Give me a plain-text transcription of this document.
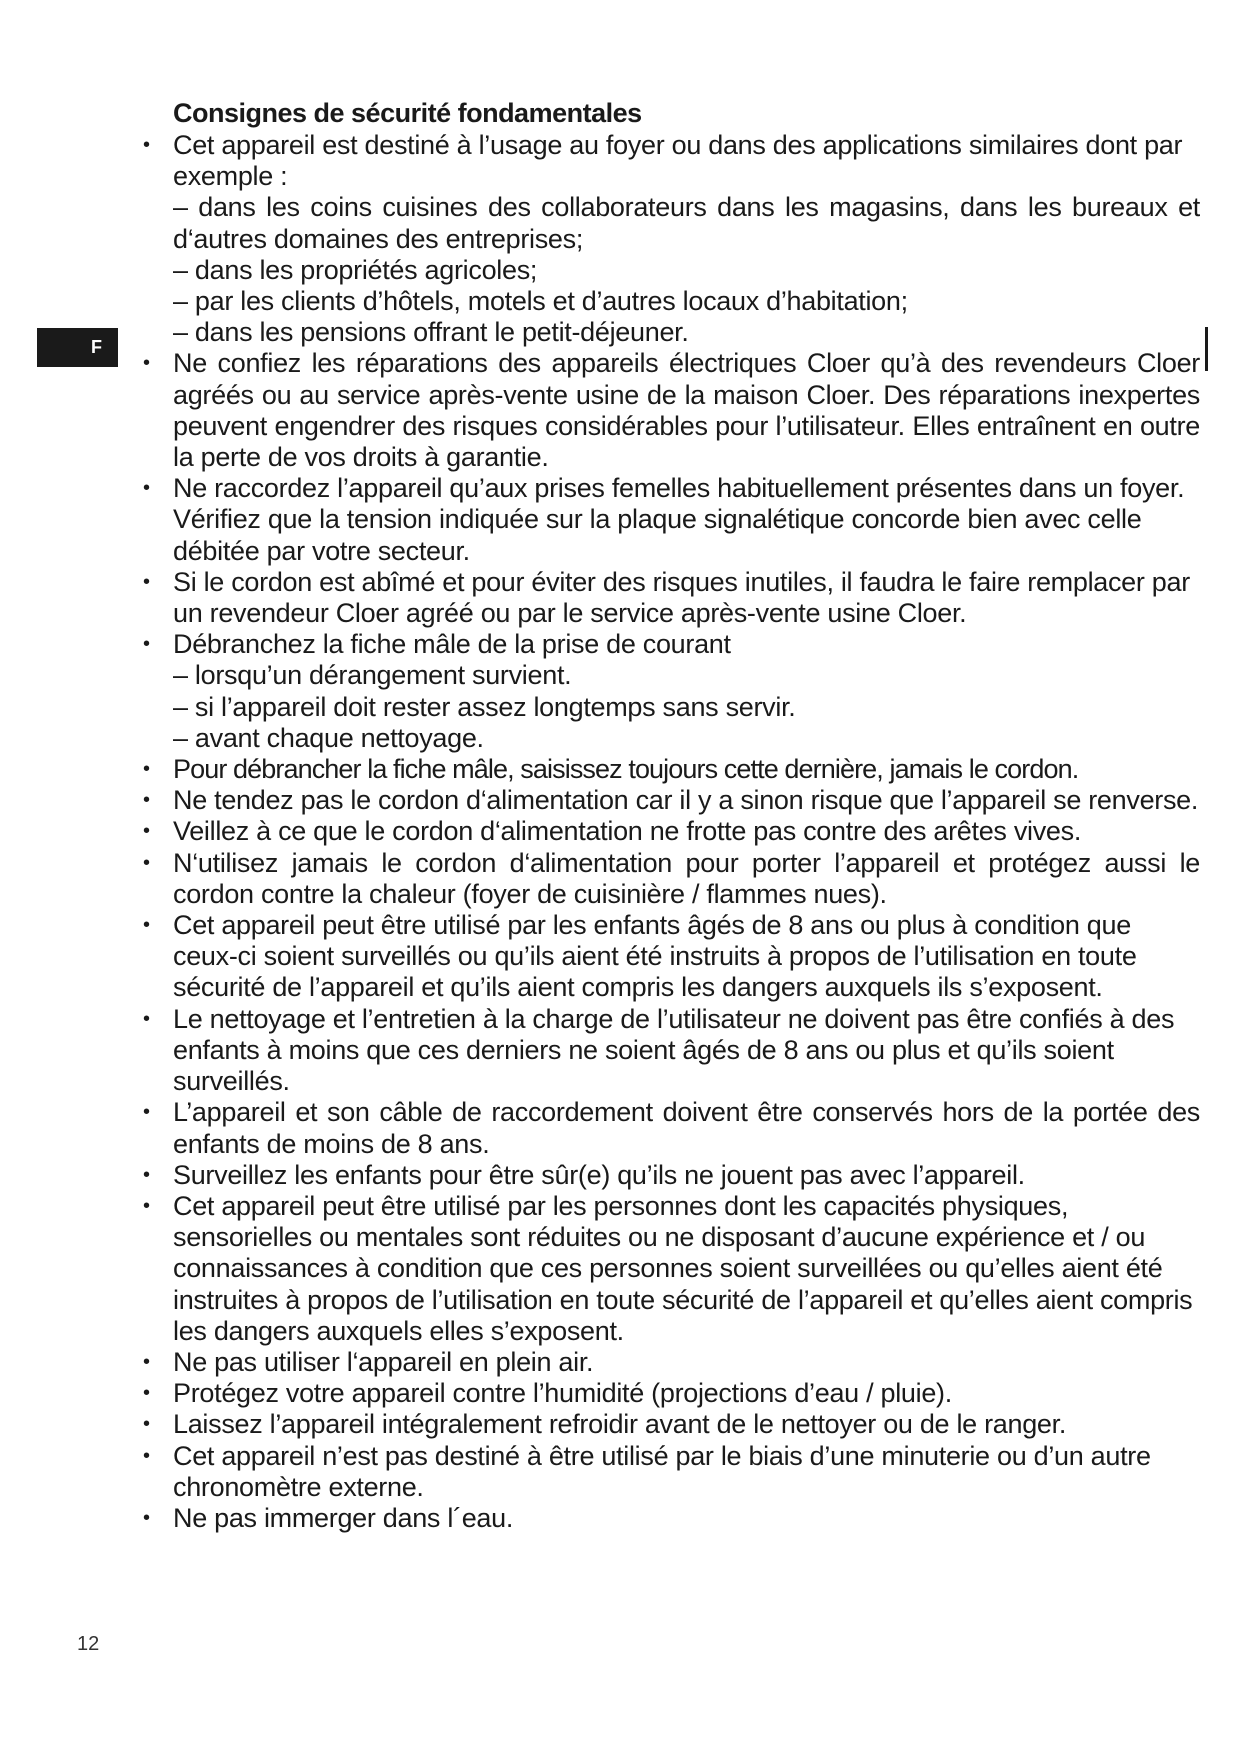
F
Consignes de sécurité fondamentales
• Cet appareil est destiné à l’usage au foyer ou dans des applications similaires dont par exemple :
– dans les coins cuisines des collaborateurs dans les magasins, dans les bureaux et d‘autres domaines des entreprises;
– dans les propriétés agricoles;
– par les clients d’hôtels, motels et d’autres locaux d’habitation;
– dans les pensions offrant le petit-déjeuner.
• Ne confiez les réparations des appareils électriques Cloer qu’à des revendeurs Cloer agréés ou au service après-vente usine de la maison Cloer. Des réparations inexpertes peuvent engendrer des risques considérables pour l’utilisateur. Elles entraînent en outre la perte de vos droits à garantie.
• Ne raccordez l’appareil qu’aux prises femelles habituellement présentes dans un foyer. Vérifiez que la tension indiquée sur la plaque signalétique concorde bien avec celle débitée par votre secteur.
• Si le cordon est abîmé et pour éviter des risques inutiles, il faudra le faire remplacer par un revendeur Cloer agréé ou par le service après-vente usine Cloer.
• Débranchez la fiche mâle de la prise de courant
– lorsqu’un dérangement survient.
– si l’appareil doit rester assez longtemps sans servir.
– avant chaque nettoyage.
• Pour débrancher la fiche mâle, saisissez toujours cette dernière, jamais le cordon.
• Ne tendez pas le cordon d‘alimentation car il y a sinon risque que l’appareil se renverse.
• Veillez à ce que le cordon d‘alimentation ne frotte pas contre des arêtes vives.
• N‘utilisez jamais le cordon d‘alimentation pour porter l’appareil et protégez aussi le cordon contre la chaleur (foyer de cuisinière / flammes nues).
• Cet appareil peut être utilisé par les enfants âgés de 8 ans ou plus à condition que ceux-ci soient surveillés ou qu’ils aient été instruits à propos de l’utilisation en toute sécurité de l’appareil et qu’ils aient compris les dangers auxquels ils s’exposent.
• Le nettoyage et l’entretien à la charge de l’utilisateur ne doivent pas être confiés à des enfants à moins que ces derniers ne soient âgés de 8 ans ou plus et qu’ils soient surveillés.
• L’appareil et son câble de raccordement doivent être conservés hors de la portée des enfants de moins de 8 ans.
• Surveillez les enfants pour être sûr(e) qu’ils ne jouent pas avec l’appareil.
• Cet appareil peut être utilisé par les personnes dont les capacités physiques, sensorielles ou mentales sont réduites ou ne disposant d’aucune expérience et / ou connaissances à condition que ces personnes soient surveillées ou qu’elles aient été instruites à propos de l’utilisation en toute sécurité de l’appareil et qu’elles aient compris les dangers auxquels elles s’exposent.
• Ne pas utiliser l‘appareil en plein air.
• Protégez votre appareil contre l’humidité (projections d’eau / pluie).
• Laissez l’appareil intégralement refroidir avant de le nettoyer ou de le ranger.
• Cet appareil n’est pas destiné à être utilisé par le biais d’une minuterie ou d’un autre chronomètre externe.
• Ne pas immerger dans l´eau.
12
